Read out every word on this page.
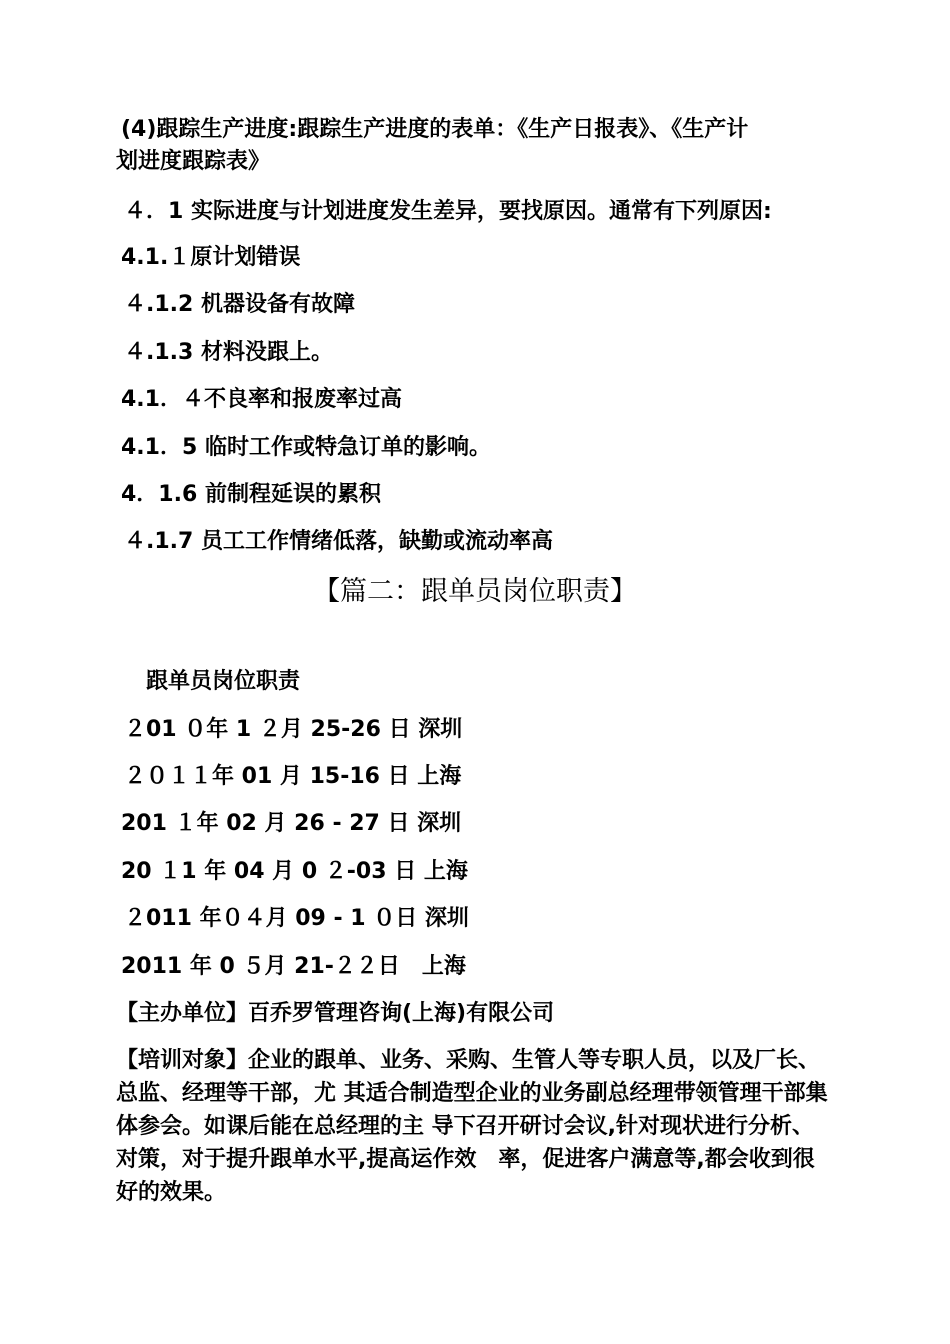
(4)跟踪生产进度:跟踪生产进度的表单：《生产日报表》、《生产计
划进度跟踪表》
４．1 实际进度与计划进度发生差异，要找原因。通常有下列原因:
4.1.１原计划错误
４.1.2 机器设备有故障
４.1.3 材料没跟上。
4.1．４不良率和报废率过高
4.1．5 临时工作或特急订单的影响。
4．1.6 前制程延误的累积
４.1.7 员工工作情绪低落，缺勤或流动率高
【篇二：跟单员岗位职责】
跟单员岗位职责
２01 ０年 1 ２月 25-26 日 深圳
２０１１年 01 月 15-16 日 上海
201 １年 02 月 26 - 27 日 深圳
20 １1 年 04 月 0 ２-03 日 上海
２011 年０４月 09 - 1 ０日 深圳
2011 年 0 ５月 21-２２日　上海
【主办单位】百乔罗管理咨询(上海)有限公司
【培训对象】企业的跟单、业务、采购、生管人等专职人员，以及厂长、总监、经理等干部，尤 其适合制造型企业的业务副总经理带领管理干部集体参会。如课后能在总经理的主 导下召开研讨会议,针对现状进行分析、对策，对于提升跟单水平,提高运作效　率，促进客户满意等,都会收到很好的效果。
